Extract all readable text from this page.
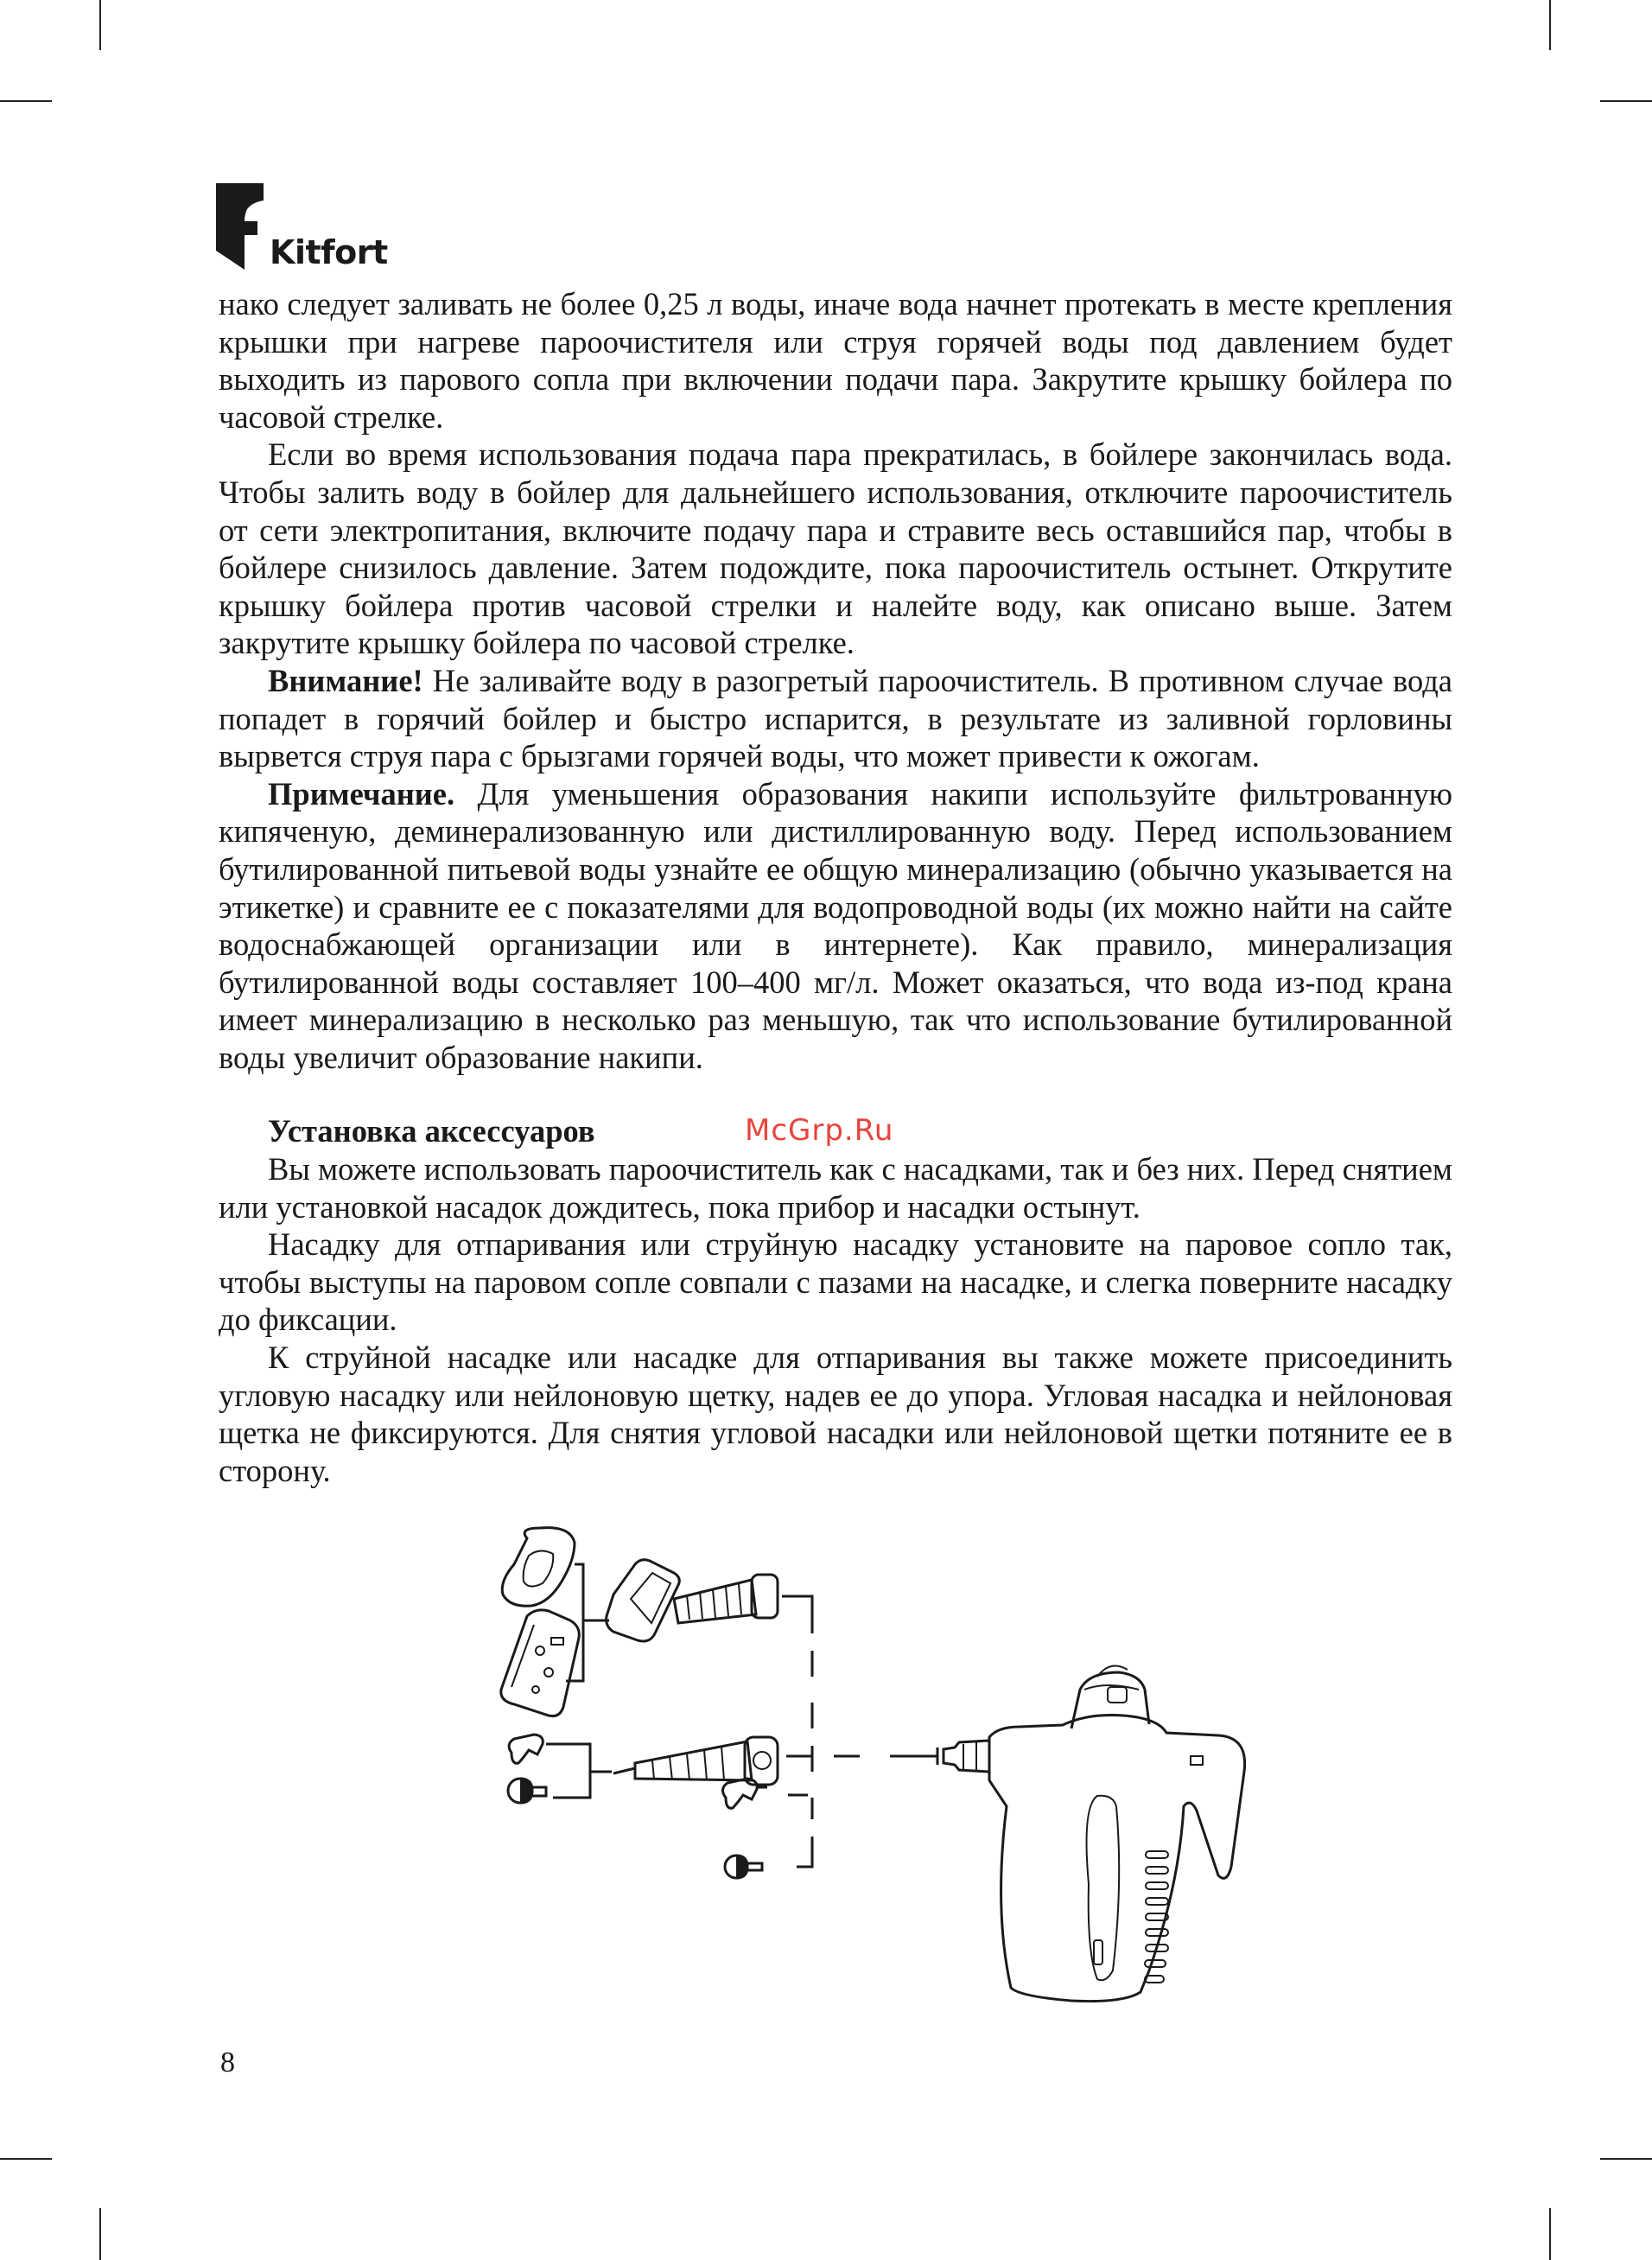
Kitfort

нако следует заливать не более 0,25 л воды, иначе вода начнет протекать в месте крепления крышки при нагреве пароочистителя или струя горячей воды под давлением будет выходить из парового сопла при включении подачи пара. Закрутите крышку бойлера по часовой стрелке.

Если во время использования подача пара прекратилась, в бойлере закончилась вода. Чтобы залить воду в бойлер для дальнейшего использования, отключите пароочиститель от сети электропитания, включите подачу пара и стравите весь оставшийся пар, чтобы в бойлере снизилось давление. Затем подождите, пока пароочиститель остынет. Открутите крышку бойлера против часовой стрелки и налейте воду, как описано выше. Затем закрутите крышку бойлера по часовой стрелке.

Внимание! Не заливайте воду в разогретый пароочиститель. В противном случае вода попадет в горячий бойлер и быстро испарится, в результате из заливной горловины вырвется струя пара с брызгами горячей воды, что может привести к ожогам.

Примечание. Для уменьшения образования накипи используйте фильтрованную кипяченую, деминерализованную или дистиллированную воду. Перед использованием бутилированной питьевой воды узнайте ее общую минерализацию (обычно указывается на этикетке) и сравните ее с показателями для водопроводной воды (их можно найти на сайте водоснабжающей организации или в интернете). Как правило, минерализация бутилированной воды составляет 100–400 мг/л. Может оказаться, что вода из-под крана имеет минерализацию в несколько раз меньшую, так что использование бутилированной воды увеличит образование накипи.

Установка аксессуаров

Вы можете использовать пароочиститель как с насадками, так и без них. Перед снятием или установкой насадок дождитесь, пока прибор и насадки остынут.

Насадку для отпаривания или струйную насадку установите на паровое сопло так, чтобы выступы на паровом сопле совпали с пазами на насадке, и слегка поверните насадку до фиксации.

К струйной насадке или насадке для отпаривания вы также можете присоединить угловую насадку или нейлоновую щетку, надев ее до упора. Угловая насадка и нейлоновая щетка не фиксируются. Для снятия угловой насадки или нейлоновой щетки потяните ее в сторону.

McGrp.Ru
8
